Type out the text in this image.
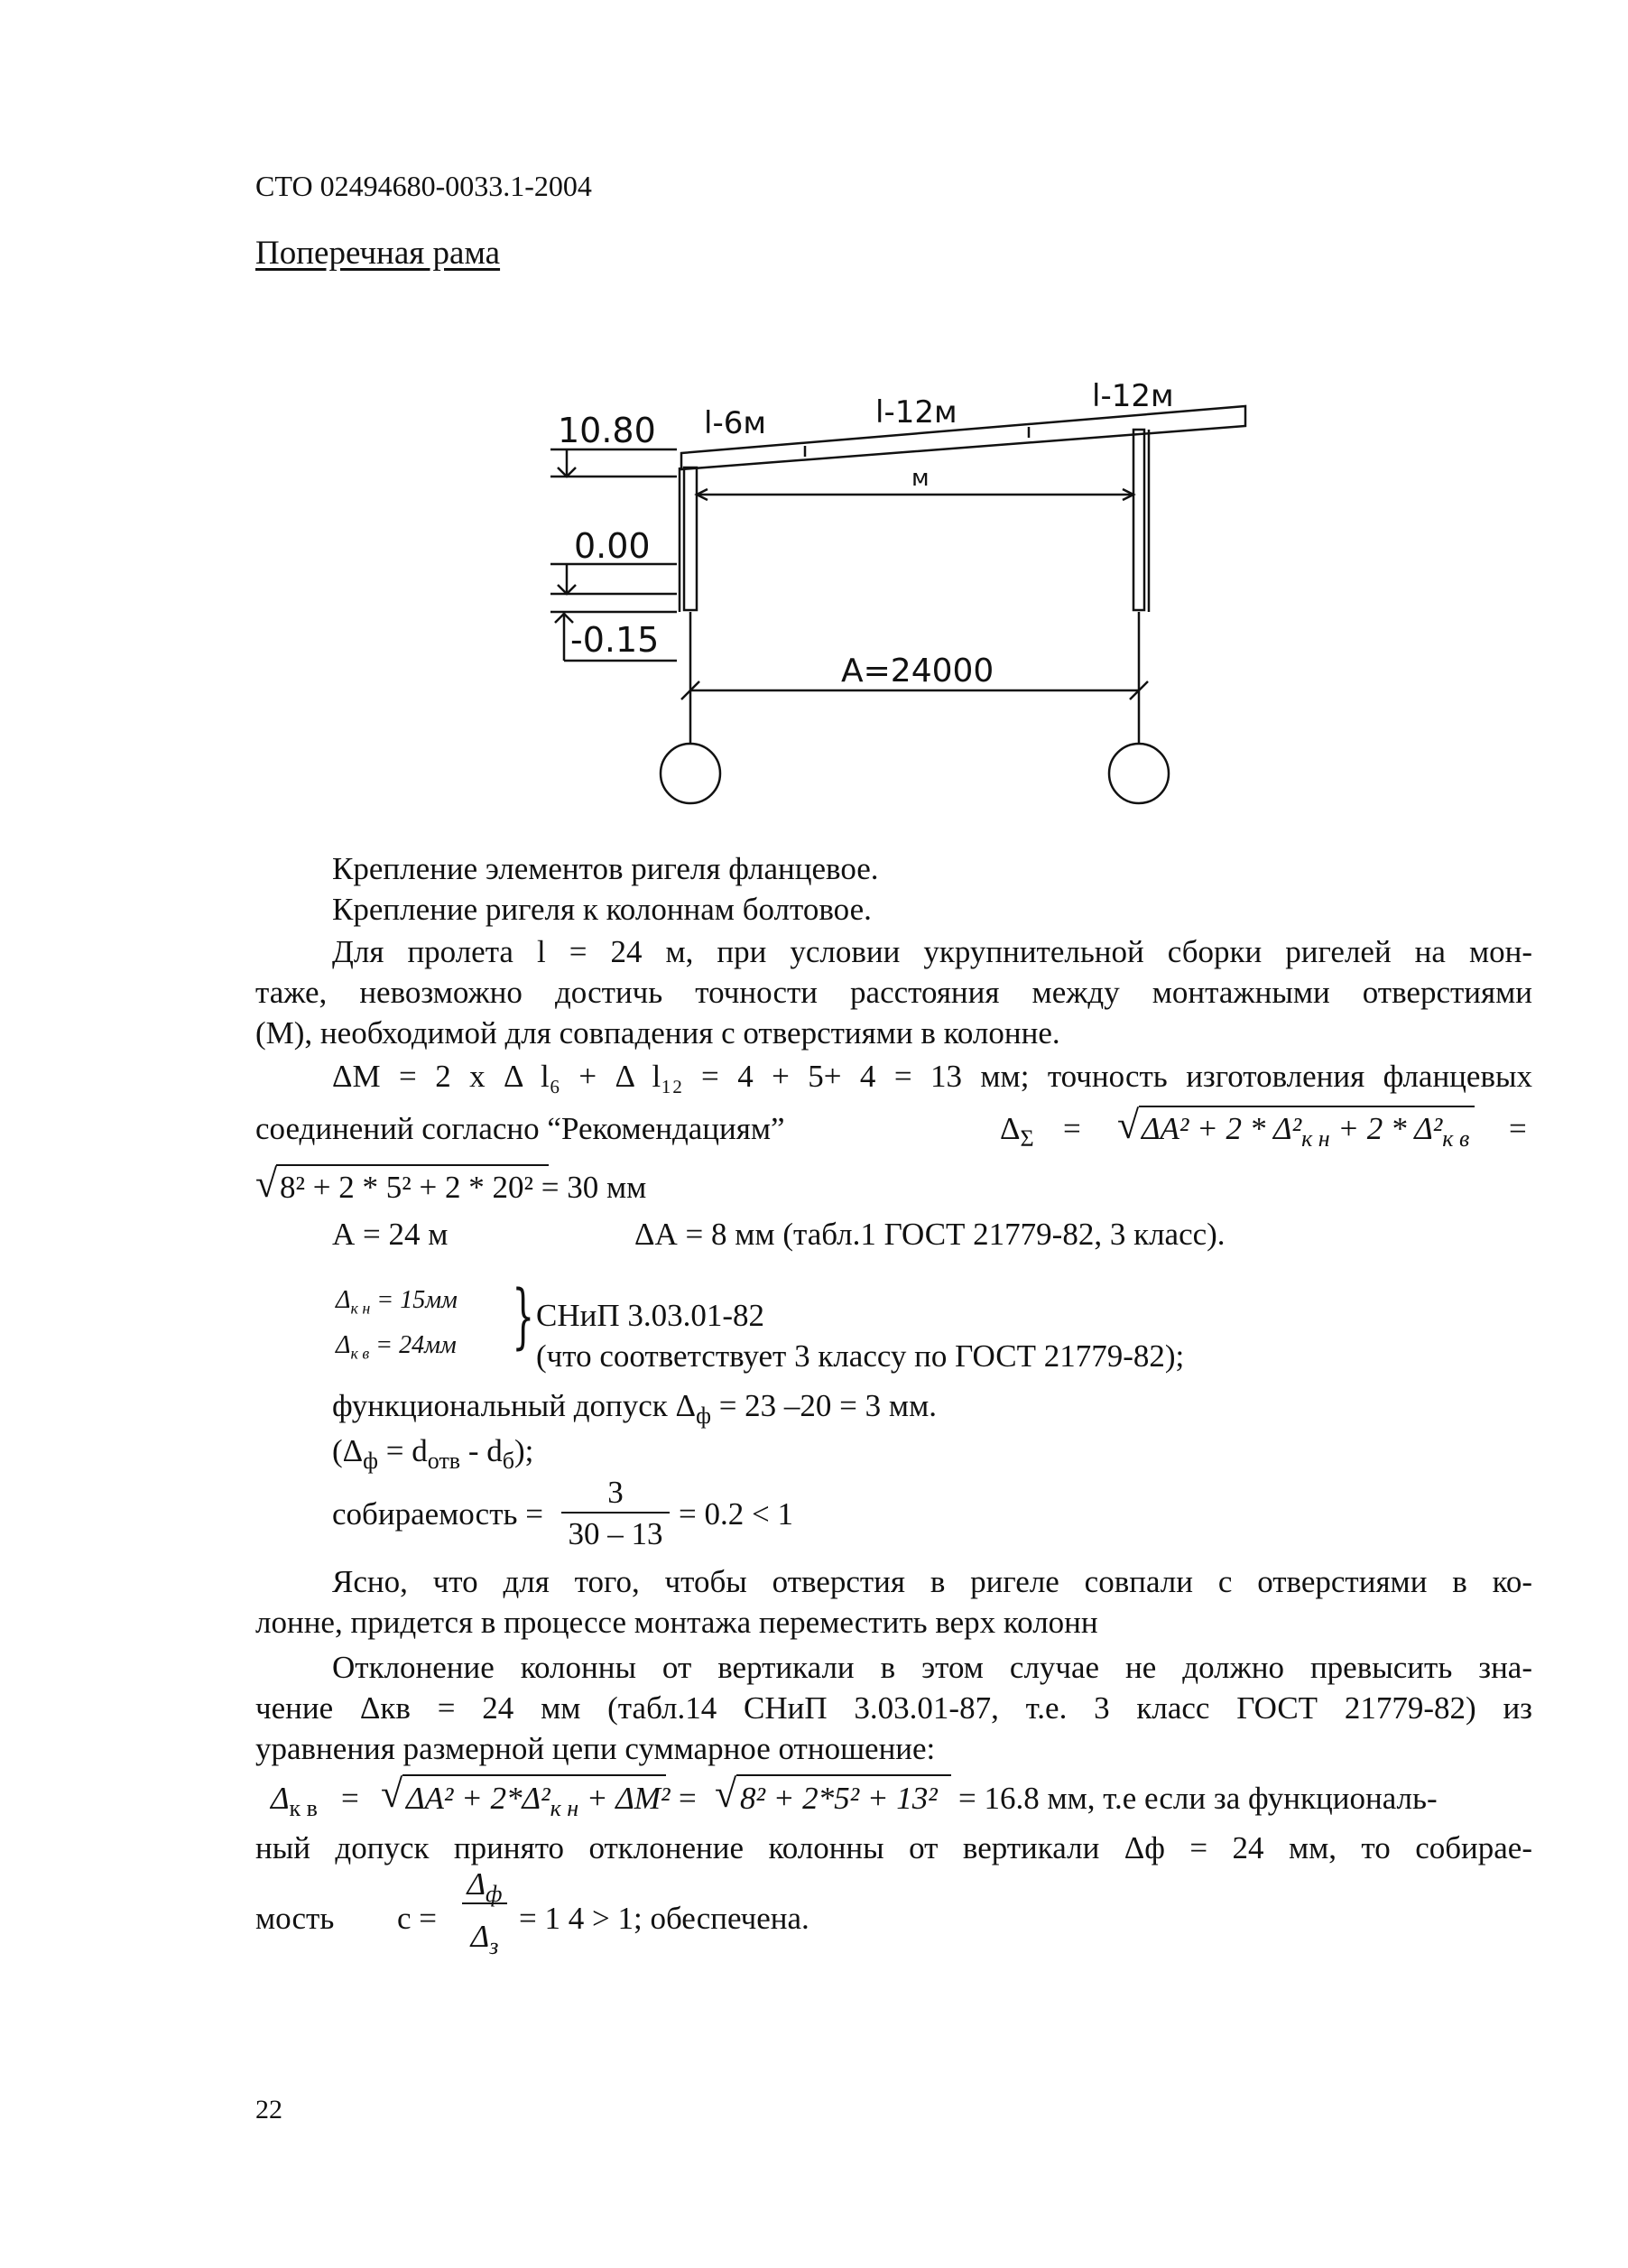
СТО 02494680-0033.1-2004
Поперечная рама
10.80
0.00
-0.15
l-6м	l-12м	l-12м
м
А=24000
Крепление элементов ригеля фланцевое.
Крепление ригеля к колоннам болтовое.
Для пролета l = 24 м, при условии укрупнительной сборки ригелей на мон-
таже, невозможно достичь точности расстояния между монтажными отверстиями
(М), необходимой для совпадения с отверстиями в колонне.
ΔМ = 2 х Δ l₆ + Δ l₁₂ = 4 + 5+ 4 = 13 мм; точность изготовления фланцевых
соединений согласно “Рекомендациям”	$\Delta_\Sigma$ = √ $\Delta A^2 + 2 * \Delta^2_{к н} + 2 * \Delta^2_{к в}$ =
√ 8² + 2 * 5² + 2 * 20² = 30 мм
А = 24 м	ΔА = 8 мм (табл.1 ГОСТ 21779-82, 3 класс).
$\Delta_{к н} = 15мм$
$\Delta_{к в} = 24мм$ } СНиП 3.03.01-82
(что соответствует 3 классу по ГОСТ 21779-82);
функциональный допуск $\Delta_ф = 23$ –20 = 3 мм.
$(\Delta_ф = d_{отв} - d_б)$;
собираемость =
3
30 – 13
= 0.2 < 1
Ясно, что для того, чтобы отверстия в ригеле совпали с отверстиями в ко-
лонне, придется в процессе монтажа переместить верх колонн
Отклонение колонны от вертикали в этом случае не должно превысить зна-
чение Δкв = 24 мм (табл.14 СНиП 3.03.01-87, т.е. 3 класс ГОСТ 21779-82) из
уравнения размерной цепи суммарное отношение:
$\Delta_{к в}$ = √ $\Delta A^2 + 2*\Delta^2_{к н} + \Delta M^2$ = √ 8² + 2*5² + 13² = 16.8 мм, т.е если за функциональ-
ный допуск принято отклонение колонны от вертикали Δф = 24 мм, то собирае-
мость с =
$\Delta_ф$
$\Delta_з$
= 1 4 > 1; обеспечена.
22
